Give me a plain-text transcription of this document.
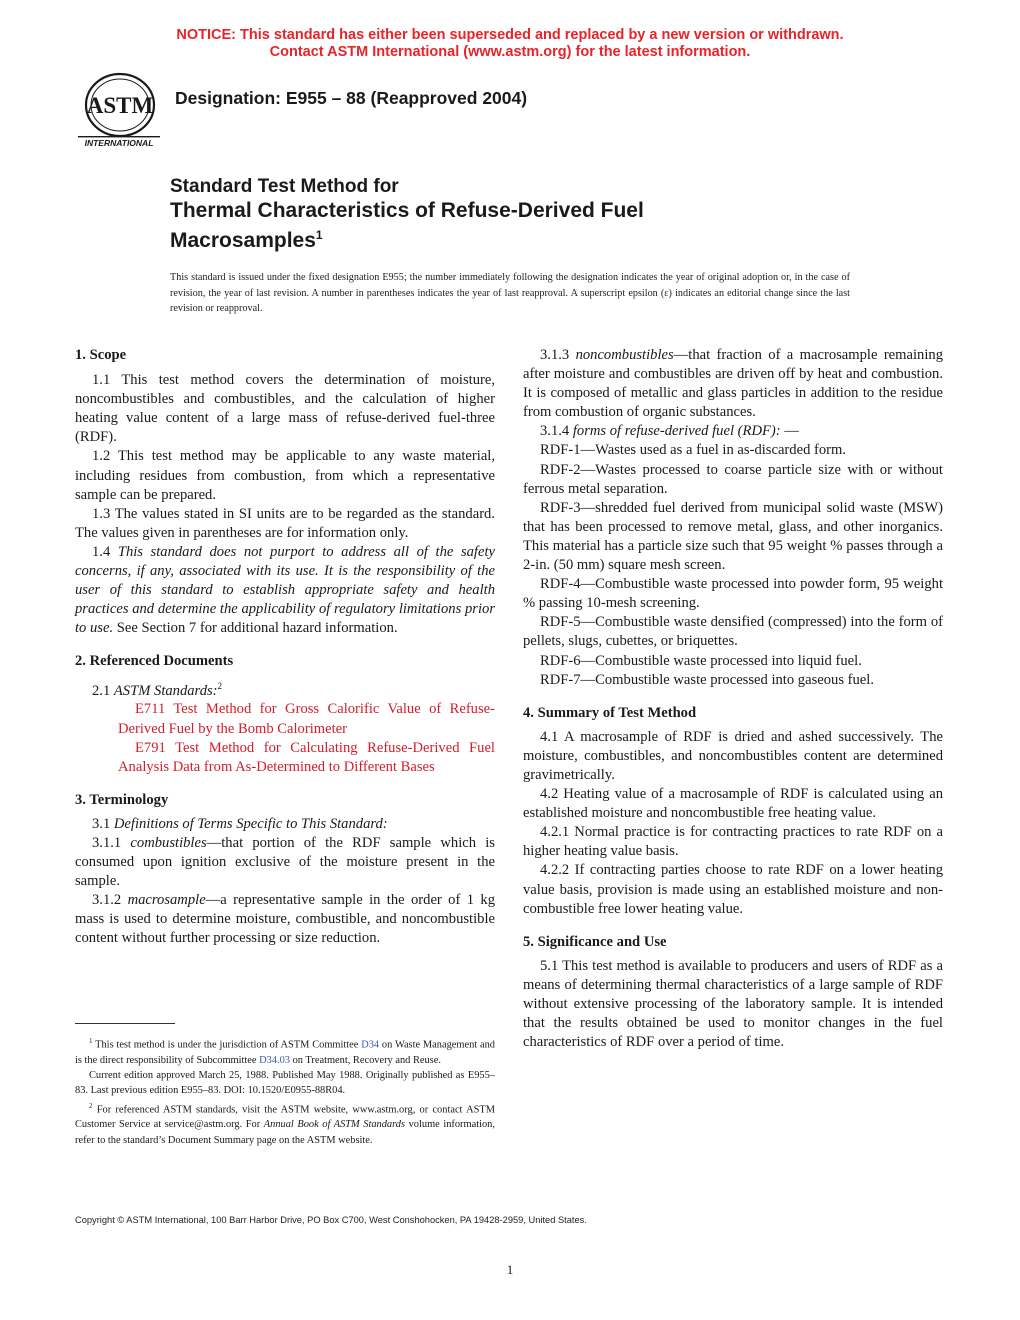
NOTICE: This standard has either been superseded and replaced by a new version or withdrawn.
Contact ASTM International (www.astm.org) for the latest information.
ASTM
INTERNATIONAL
Designation: E955 – 88 (Reapproved 2004)
Standard Test Method for
Thermal Characteristics of Refuse-Derived Fuel
Macrosamples$^1$
This standard is issued under the fixed designation E955; the number immediately following the designation indicates the year of original adoption or, in the case of revision, the year of last revision. A number in parentheses indicates the year of last reapproval. A superscript epsilon (ε) indicates an editorial change since the last revision or reapproval.
1. Scope

1.1 This test method covers the determination of moisture, noncombustibles and combustibles, and the calculation of higher heating value content of a large mass of refuse-derived fuel-three (RDF).

1.2 This test method may be applicable to any waste material, including residues from combustion, from which a representative sample can be prepared.

1.3 The values stated in SI units are to be regarded as the standard. The values given in parentheses are for information only.

1.4 This standard does not purport to address all of the safety concerns, if any, associated with its use. It is the responsibility of the user of this standard to establish appropriate safety and health practices and determine the applicability of regulatory limitations prior to use. See Section 7 for additional hazard information.

2. Referenced Documents

2.1 ASTM Standards:$^2$

E711 Test Method for Gross Calorific Value of Refuse-Derived Fuel by the Bomb Calorimeter

E791 Test Method for Calculating Refuse-Derived Fuel Analysis Data from As-Determined to Different Bases

3. Terminology

3.1 Definitions of Terms Specific to This Standard:

3.1.1 combustibles—that portion of the RDF sample which is consumed upon ignition exclusive of the moisture present in the sample.

3.1.2 macrosample—a representative sample in the order of 1 kg mass is used to determine moisture, combustible, and noncombustible content without further processing or size reduction.

3.1.3 noncombustibles—that fraction of a macrosample remaining after moisture and combustibles are driven off by heat and combustion. It is composed of metallic and glass particles in addition to the residue from combustion of organic substances.

3.1.4 forms of refuse-derived fuel (RDF): —

RDF-1—Wastes used as a fuel in as-discarded form.

RDF-2—Wastes processed to coarse particle size with or without ferrous metal separation.

RDF-3—shredded fuel derived from municipal solid waste (MSW) that has been processed to remove metal, glass, and other inorganics. This material has a particle size such that 95 weight % passes through a 2-in. (50 mm) square mesh screen.

RDF-4—Combustible waste processed into powder form, 95 weight % passing 10-mesh screening.

RDF-5—Combustible waste densified (compressed) into the form of pellets, slugs, cubettes, or briquettes.

RDF-6—Combustible waste processed into liquid fuel.

RDF-7—Combustible waste processed into gaseous fuel.

4. Summary of Test Method

4.1 A macrosample of RDF is dried and ashed successively. The moisture, combustibles, and noncombustibles content are determined gravimetrically.

4.2 Heating value of a macrosample of RDF is calculated using an established moisture and noncombustible free heating value.

4.2.1 Normal practice is for contracting practices to rate RDF on a higher heating value basis.

4.2.2 If contracting parties choose to rate RDF on a lower heating value basis, provision is made using an established moisture and non-combustible free lower heating value.

5. Significance and Use

5.1 This test method is available to producers and users of RDF as a means of determining thermal characteristics of a large sample of RDF without extensive processing of the laboratory sample. It is intended that the results obtained be used to monitor changes in the fuel characteristics of RDF over a period of time.

$^1$ This test method is under the jurisdiction of ASTM Committee D34 on Waste Management and is the direct responsibility of Subcommittee D34.03 on Treatment, Recovery and Reuse.

Current edition approved March 25, 1988. Published May 1988. Originally published as E955–83. Last previous edition E955–83. DOI: 10.1520/E0955-88R04.

$^2$ For referenced ASTM standards, visit the ASTM website, www.astm.org, or contact ASTM Customer Service at service@astm.org. For Annual Book of ASTM Standards volume information, refer to the standard’s Document Summary page on the ASTM website.

Copyright © ASTM International, 100 Barr Harbor Drive, PO Box C700, West Conshohocken, PA 19428-2959, United States.
1
